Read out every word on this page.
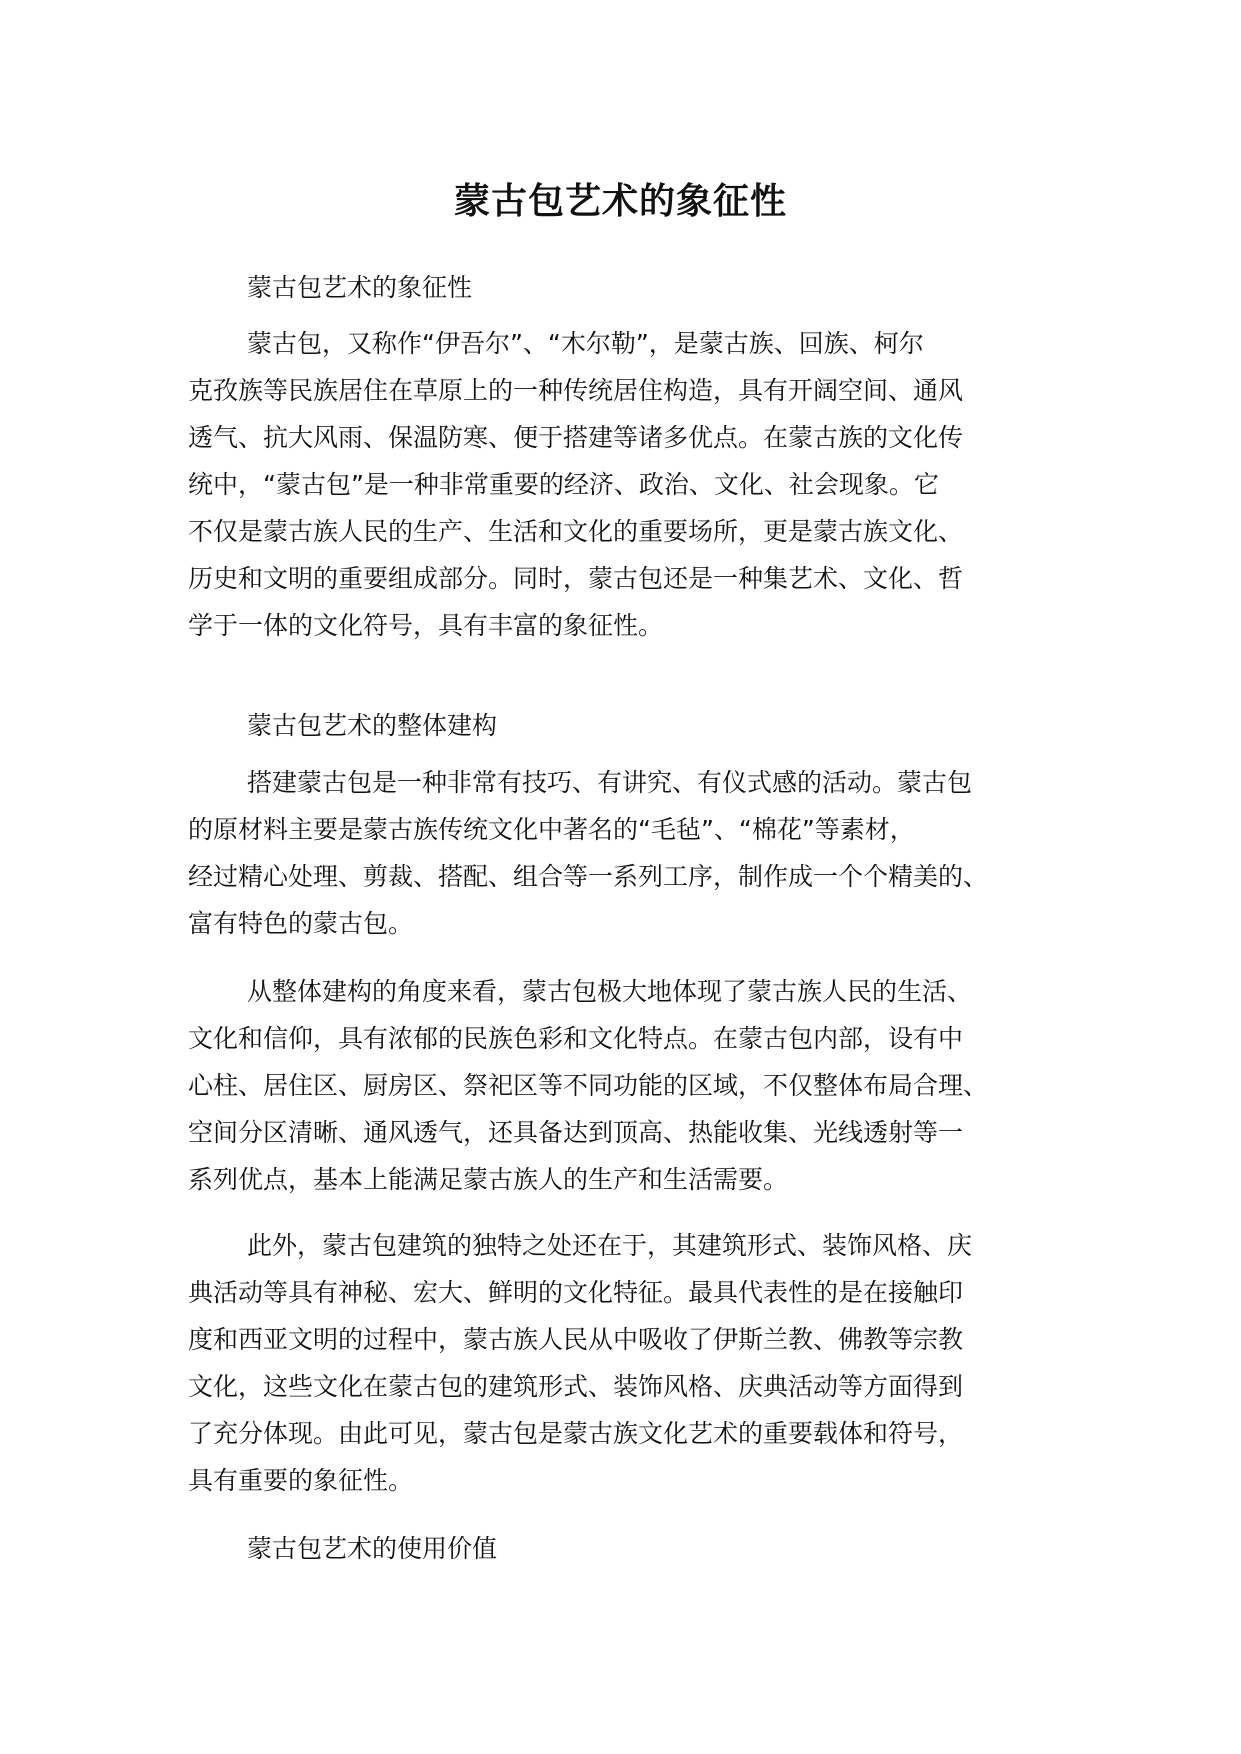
蒙古包艺术的象征性
蒙古包艺术的象征性
蒙古包，又称作“伊吾尔”、“木尔勒”，是蒙古族、回族、柯尔
克孜族等民族居住在草原上的一种传统居住构造，具有开阔空间、通风
透气、抗大风雨、保温防寒、便于搭建等诸多优点。在蒙古族的文化传
统中，“蒙古包”是一种非常重要的经济、政治、文化、社会现象。它
不仅是蒙古族人民的生产、生活和文化的重要场所，更是蒙古族文化、
历史和文明的重要组成部分。同时，蒙古包还是一种集艺术、文化、哲
学于一体的文化符号，具有丰富的象征性。
蒙古包艺术的整体建构
搭建蒙古包是一种非常有技巧、有讲究、有仪式感的活动。蒙古包
的原材料主要是蒙古族传统文化中著名的“毛毡”、“棉花”等素材，
经过精心处理、剪裁、搭配、组合等一系列工序，制作成一个个精美的、
富有特色的蒙古包。
从整体建构的角度来看，蒙古包极大地体现了蒙古族人民的生活、
文化和信仰，具有浓郁的民族色彩和文化特点。在蒙古包内部，设有中
心柱、居住区、厨房区、祭祀区等不同功能的区域，不仅整体布局合理、
空间分区清晰、通风透气，还具备达到顶高、热能收集、光线透射等一
系列优点，基本上能满足蒙古族人的生产和生活需要。
此外，蒙古包建筑的独特之处还在于，其建筑形式、装饰风格、庆
典活动等具有神秘、宏大、鲜明的文化特征。最具代表性的是在接触印
度和西亚文明的过程中，蒙古族人民从中吸收了伊斯兰教、佛教等宗教
文化，这些文化在蒙古包的建筑形式、装饰风格、庆典活动等方面得到
了充分体现。由此可见，蒙古包是蒙古族文化艺术的重要载体和符号，
具有重要的象征性。
蒙古包艺术的使用价值
